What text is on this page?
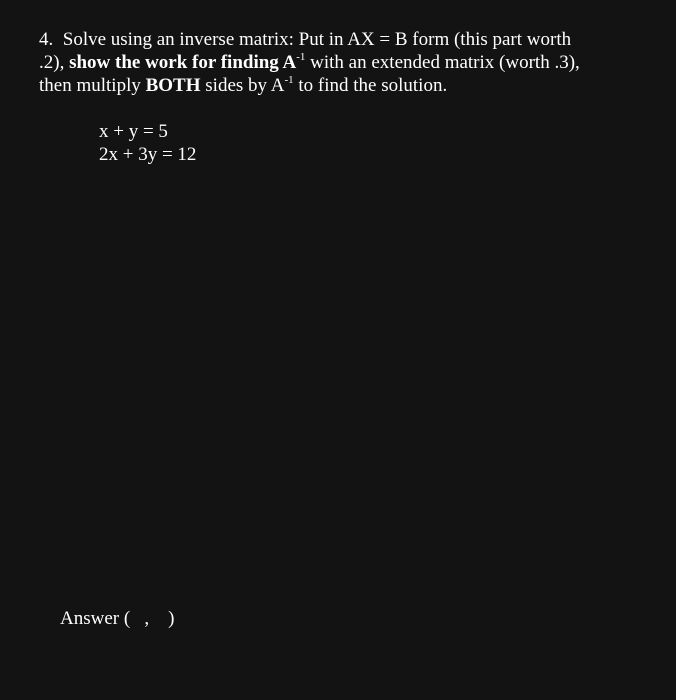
4. Solve using an inverse matrix: Put in AX = B form (this part worth
.2), show the work for finding $A^{-1}$ with an extended matrix (worth .3),
then multiply BOTH sides by $A^{-1}$ to find the solution.
x + y = 5
2x + 3y = 12
Answer (   ,    )
